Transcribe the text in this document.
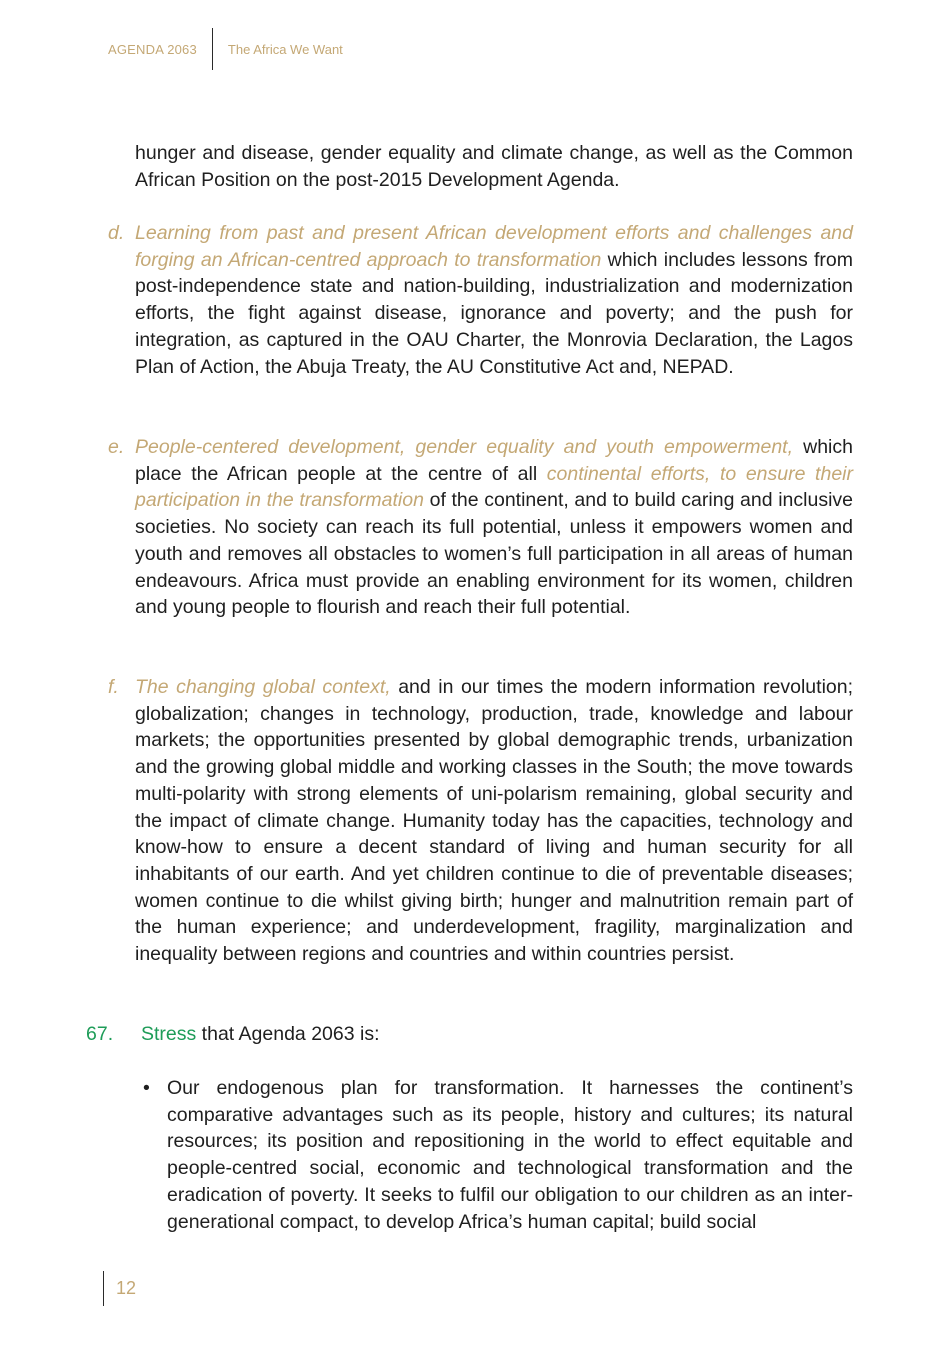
AGENDA 2063	The Africa We Want

hunger and disease, gender equality and climate change, as well as the Common African Position on the post-2015 Development Agenda.

d. Learning from past and present African development efforts and challenges and forging an African-centred approach to transformation which includes lessons from post-independence state and nation-building, industrialization and modernization efforts, the fight against disease, ignorance and poverty; and the push for integration, as captured in the OAU Charter, the Monrovia Declaration, the Lagos Plan of Action, the Abuja Treaty, the AU Constitutive Act and, NEPAD.

e. People-centered development, gender equality and youth empowerment, which place the African people at the centre of all continental efforts, to ensure their participation in the transformation of the continent, and to build caring and inclusive societies. No society can reach its full potential, unless it empowers women and youth and removes all obstacles to women’s full participation in all areas of human endeavours. Africa must provide an enabling environment for its women, children and young people to flourish and reach their full potential.

f. The changing global context, and in our times the modern information revolution; globalization; changes in technology, production, trade, knowledge and labour markets; the opportunities presented by global demographic trends, urbanization and the growing global middle and working classes in the South; the move towards multi-polarity with strong elements of uni-polarism remaining, global security and the impact of climate change. Humanity today has the capacities, technology and know-how to ensure a decent standard of living and human security for all inhabitants of our earth. And yet children continue to die of preventable diseases; women continue to die whilst giving birth; hunger and malnutrition remain part of the human experience; and underdevelopment, fragility, marginalization and inequality between regions and countries and within countries persist.

67. Stress that Agenda 2063 is:
• Our endogenous plan for transformation. It harnesses the continent’s comparative advantages such as its people, history and cultures; its natural resources; its position and repositioning in the world to effect equitable and people-centred social, economic and technological transformation and the eradication of poverty. It seeks to fulfil our obligation to our children as an inter-generational compact, to develop Africa’s human capital; build social

12
